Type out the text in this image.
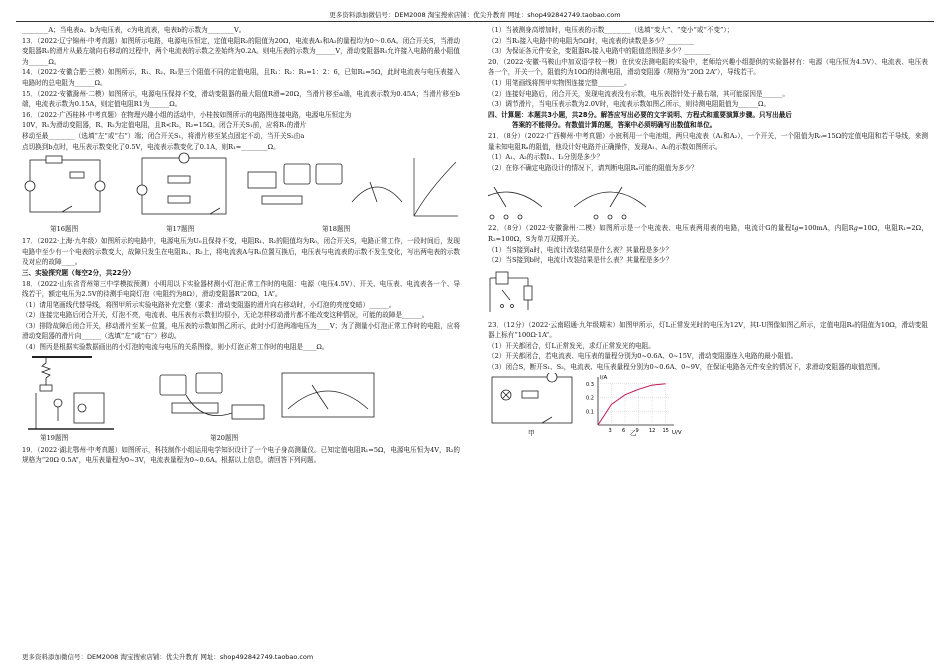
更多资料添加微信号：DEM2008 淘宝搜索店铺：优尖升教育 网址：shop492842749.taobao.com

________A；当电表a、b为电压表，c为电流表，电表b的示数为________V。

13．（2022·辽宁锦州·中考真题）如图所示电路，电源电压恒定，定值电阻R₂的阻值为20Ω，电流表A₁和A₂的量程均为0～0.6A。闭合开关S，当滑动变阻器R₁的滑片从最左端向右移动的过程中，两个电流表的示数之差始终为0.2A。则电压表的示数为______V，滑动变阻器R₁允许接入电路的最小阻值为______Ω。

14．（2022·安徽合肥·三模）如图所示，R₁、R₂、R₃是三个阻值不同的定值电阻，且R₁：R₂：R₃=1：2：6，已知R₁=5Ω，此时电流表与电压表接入电路时的总电阻为______Ω。

15．（2022·安徽滁州·二模）如图所示，电源电压保持不变，滑动变阻器的最大阻值R滑=20Ω，当滑片移至a端，电流表示数为0.45A；当滑片移至b端，电流表示数为0.15A，则定值电阻R1为______Ω。

16．（2022·广西桂林·中考真题）在物理兴趣小组的活动中，小桂按如图所示的电路图连接电路，电源电压恒定为

10V，R₁为滑动变阻器，R、R₂为定值电阻，且R<R₂，R₂=15Ω。闭合开关S₁前，应将R₁的滑片

移动至最________（选填“左”或“右”）端；闭合开关S₁，将滑片移至某点固定不动，当开关S₂由a

点切换到b点时，电压表示数变化了0.5V，电流表示数变化了0.1A，则R₁=________Ω。

第16题图	第17题图	第18题图

17．（2022·上海·九年级）如图所示的电路中，电源电压为U₀且保持不变，电阻R₁、R₂的阻值均为R₀，闭合开关S，电路正常工作，一段时间后，发现电路中至少有一个电表的示数变大，故障只发生在电阻R₁、R₂上，将电流表A与R₁位置互换后，电压表与电流表的示数不发生变化，写出两电表的示数及对应的故障____。

三、实验探究题（每空2分，共22分）

18．（2022·山东省青州第三中学模拟预测）小明用以下实验器材测小灯泡正常工作时的电阻：电源（电压4.5V）、开关、电压表、电流表各一个、导线若干，额定电压为2.5V的待测手电筒灯泡（电阻约为8Ω），滑动变阻器R“20Ω，1A”。

（1）请用笔画线代替导线，将图甲所示实验电路补充完整（要求：滑动变阻器的滑片向右移动时，小灯泡的亮度变暗）______。

（2）连接完电路后闭合开关，灯泡不亮，电流表、电压表有示数但均很小，无论怎样移动滑片都不能改变这种情况，可能的故障是______。

（3）排除故障后闭合开关，移动滑片至某一位置，电压表的示数如图乙所示，此时小灯泡两端电压为____V；为了测量小灯泡正常工作时的电阻，应将滑动变阻器的滑片向______（选填“左”或“右”）移动。

（4）图丙是根据实验数据画出的小灯泡的电流与电压的关系图像，则小灯泡正常工作时的电阻是____Ω。

第19题图	第20题图

19．（2022·湖北鄂州·中考真题）如图所示，科技制作小组运用电学知识设计了一个电子身高测量仪。已知定值电阻R₁=5Ω，电源电压恒为4V，R₂的规格为“20Ω 0.5A”，电压表量程为0~3V，电流表量程为0~0.6A。根据以上信息，请回答下列问题。

（1）当被测身高增加时，电压表的示数________（选填“变大”、“变小”或“不变”）；

（2）当R₂接入电路中的电阻为5Ω时，电流表的读数是多少？________

（3）为保证各元件安全，变阻器R₂接入电路中的阻值范围是多少？________

20．（2022·安徽·马鞍山中加双语学校一模）在伏安法测电阻的实验中，老师给兴趣小组提供的实验器材有：电源（电压恒为4.5V）、电流表、电压表各一个，开关一个，阻值约为10Ω的待测电阻，滑动变阻器（规格为“20Ω 2A”），导线若干。

（1）用笔画线将图甲实物图连接完整________。

（2）连接好电路后，闭合开关，发现电流表没有示数，电压表指针处于最右端，其可能原因是______。

（3）调节滑片，当电压表示数为2.0V时，电流表示数如图乙所示，则待测电阻阻值为______Ω。

四、计算题：本题共3小题，共28分。解答应写出必要的文字说明、方程式和重要演算步骤。只写出最后

答案的不能得分。有数值计算的题，答案中必须明确写出数值和单位。

21．（8分）（2022·广西柳州·中考真题）小宸利用一个电池组，两只电流表（A₁和A₂），一个开关，一个阻值为R₀=15Ω的定值电阻和若干导线，来测量未知电阻Rₓ的阻值，他设计好电路并正确操作，发现A₁、A₂的示数如图所示。

（1）A₁、A₂的示数I₁、I₂分别是多少？

（2）在你不确定电路设计的情况下，请判断电阻Rₓ可能的阻值为多少？

22．（8分）（2022·安徽滁州·二模）如图所示是一个电流表、电压表两用表的电路，电流计G的量程I𝑔=100mA，内阻R𝑔=10Ω，电阻R₁=2Ω，R₂=100Ω，S为单刀双掷开关。

（1）当S接到a时，电流计改装结果是什么表？其量程是多少？

（2）当S接到b时，电流计改装结果是什么表？其量程是多少？

23．（12分）（2022·云南昭通·九年级期末）如图甲所示，灯L正常发光时的电压为12V，其I-U图像如图乙所示，定值电阻R₀的阻值为10Ω，滑动变阻器上标有“100Ω·1A”。

（1）开关都闭合，灯L正常发光，求灯正常发光的电阻。

（2）开关都闭合，若电流表、电压表的量程分别为0~0.6A、0~15V，滑动变阻器连入电路的最小阻值。

（3）闭合S，断开S₁、S₂，电流表、电压表量程分别为0~0.6A、0~9V，在保证电路各元件安全的情况下，求滑动变阻器的取值范围。

甲	U/V
I/A
3 6 9 12 15
0.1
0.2
0.3
乙
更多资料添加微信号：DEM2008 淘宝搜索店铺：优尖升教育 网址：shop492842749.taobao.com
